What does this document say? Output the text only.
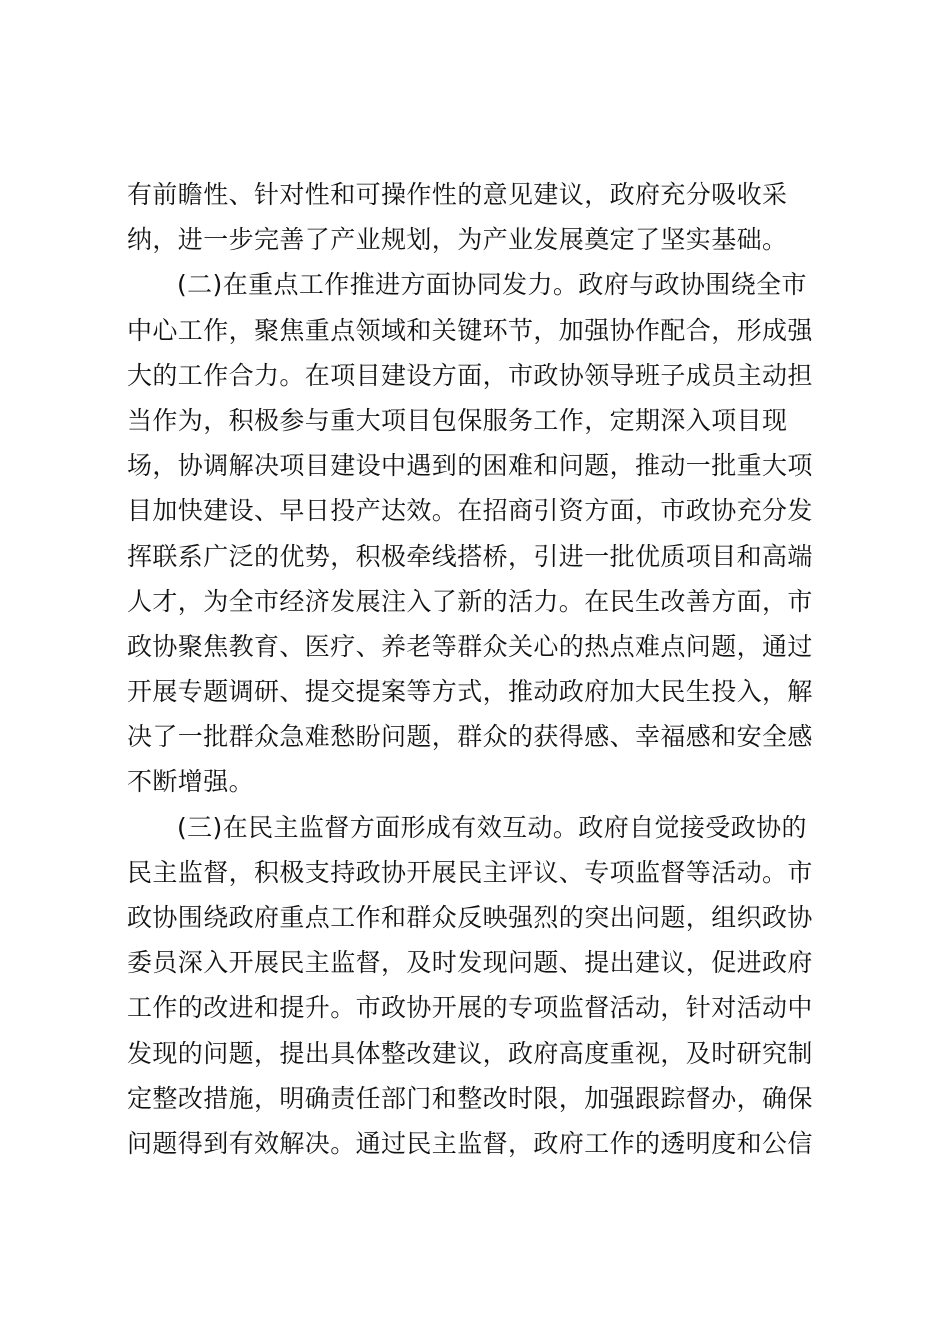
有前瞻性、针对性和可操作性的意见建议，政府充分吸收采
纳，进一步完善了产业规划，为产业发展奠定了坚实基础。
(二)在重点工作推进方面协同发力。政府与政协围绕全市
中心工作，聚焦重点领域和关键环节，加强协作配合，形成强
大的工作合力。在项目建设方面，市政协领导班子成员主动担
当作为，积极参与重大项目包保服务工作，定期深入项目现
场，协调解决项目建设中遇到的困难和问题，推动一批重大项
目加快建设、早日投产达效。在招商引资方面，市政协充分发
挥联系广泛的优势，积极牵线搭桥，引进一批优质项目和高端
人才，为全市经济发展注入了新的活力。在民生改善方面，市
政协聚焦教育、医疗、养老等群众关心的热点难点问题，通过
开展专题调研、提交提案等方式，推动政府加大民生投入，解
决了一批群众急难愁盼问题，群众的获得感、幸福感和安全感
不断增强。
(三)在民主监督方面形成有效互动。政府自觉接受政协的
民主监督，积极支持政协开展民主评议、专项监督等活动。市
政协围绕政府重点工作和群众反映强烈的突出问题，组织政协
委员深入开展民主监督，及时发现问题、提出建议，促进政府
工作的改进和提升。市政协开展的专项监督活动，针对活动中
发现的问题，提出具体整改建议，政府高度重视，及时研究制
定整改措施，明确责任部门和整改时限，加强跟踪督办，确保
问题得到有效解决。通过民主监督，政府工作的透明度和公信
